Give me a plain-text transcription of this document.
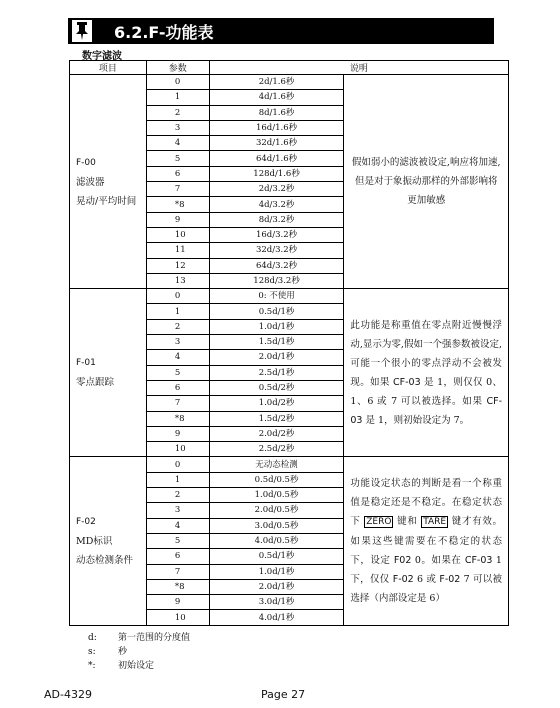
6.2.F-功能表
数字滤波
项目	参数	说明	
F-00
滤波器
晃动/平均时间	0	2d/1.6秒	假如弱小的滤波被设定,响应将加速,但是对于象振动那样的外部影响将更加敏感
	1	4d/1.6秒	
	2	8d/1.6秒	
	3	16d/1.6秒	
	4	32d/1.6秒	
	5	64d/1.6秒	
	6	128d/1.6秒	
	7	2d/3.2秒	
	*8	4d/3.2秒	
	9	8d/3.2秒	
	10	16d/3.2秒	
	11	32d/3.2秒	
	12	64d/3.2秒	
	13	128d/3.2秒	
F-01
零点跟踪	0	0: 不使用	此功能是称重值在零点附近慢慢浮动,显示为零,假如一个强参数被设定,可能一个很小的零点浮动不会被发现。如果 CF-03 是 1，则仅仅 0、1、6 或 7 可以被选择。如果 CF-03 是 1，则初始设定为 7。
	1	0.5d/1秒	
	2	1.0d/1秒	
	3	1.5d/1秒	
	4	2.0d/1秒	
	5	2.5d/1秒	
	6	0.5d/2秒	
	7	1.0d/2秒	
	*8	1.5d/2秒	
	9	2.0d/2秒	
	10	2.5d/2秒	
F-02
MD标识
动态检测条件	0	无动态检测	功能设定状态的判断是看一个称重值是稳定还是不稳定。在稳定状态下 ZERO 键和 TARE 键才有效。如果这些键需要在不稳定的状态下，设定 F02 0。如果在 CF-03 1 下，仅仅 F-02 6 或 F-02 7 可以被选择（内部设定是 6）
	1	0.5d/0.5秒	
	2	1.0d/0.5秒	
	3	2.0d/0.5秒	
	4	3.0d/0.5秒	
	5	4.0d/0.5秒	
	6	0.5d/1秒	
	7	1.0d/1秒	
	*8	2.0d/1秒	
	9	3.0d/1秒	
	10	4.0d/1秒	
d:	第一范围的分度值
s:	秒
*:	初始设定
AD-4329	Page 27
